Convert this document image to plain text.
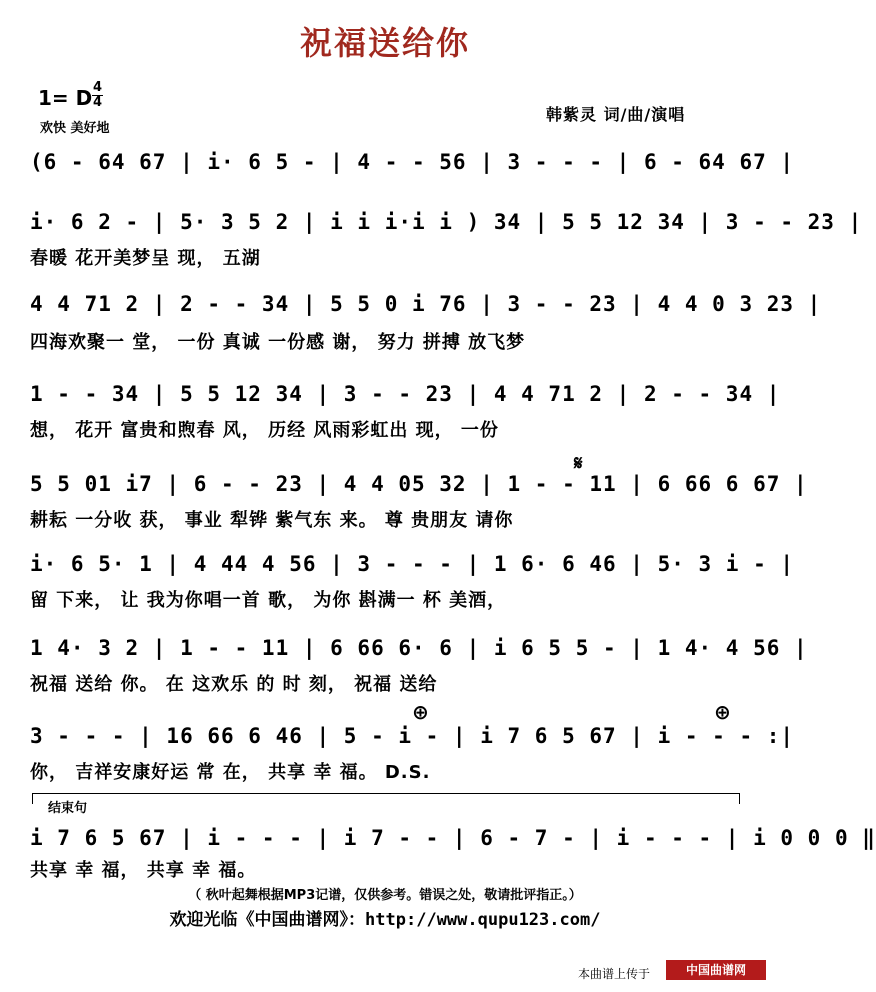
祝福送给你
1= D 4
4
欢快 美好地
韩紫灵 词/曲/演唱
(6 - 64 67 | i· 6 5 - | 4 - - 56 | 3 - - - | 6 - 64 67 |
i· 6 2 - | 5· 3 5 2 | i i i·i i ) 34 | 5 5 12 34 | 3 - - 23 |
春暖 花开美梦呈 现， 五湖
4 4 71 2 | 2 - - 34 | 5 5 0 i 76 | 3 - - 23 | 4 4 0 3 23 |
四海欢聚一 堂， 一份 真诚 一份感 谢， 努力 拼搏 放飞梦
1 - - 34 | 5 5 12 34 | 3 - - 23 | 4 4 71 2 | 2 - - 34 |
想， 花开 富贵和煦春 风， 历经 风雨彩虹出 现， 一份
𝄋
5 5 01 i7 | 6 - - 23 | 4 4 05 32 | 1 - - 11 | 6 66 6 67 |
耕耘 一分收 获， 事业 犁铧 紫气东 来。 尊 贵朋友 请你
i· 6 5· 1 | 4 44 4 56 | 3 - - - | 1 6· 6 46 | 5· 3 i - |
留 下来， 让 我为你唱一首 歌， 为你 斟满一 杯 美酒，
1 4· 3 2 | 1 - - 11 | 6 66 6· 6 | i 6 5 5 - | 1 4· 4 56 |
祝福 送给 你。 在 这欢乐 的 时 刻， 祝福 送给
⊕	⊕
3 - - - | 16 66 6 46 | 5 - i - | i 7 6 5 67 | i - - - :|
你， 吉祥安康好运 常 在， 共享 幸 福。 D.S.
结束句
i 7 6 5 67 | i - - - | i 7 - - | 6 - 7 - | i - - - | i 0 0 0 ‖
共享 幸 福， 共享 幸 福。
（ 秋叶起舞根据MP3记谱，仅供参考。错误之处，敬请批评指正。）
欢迎光临《中国曲谱网》：http://www.qupu123.com/
本曲谱上传于	中国曲谱网
